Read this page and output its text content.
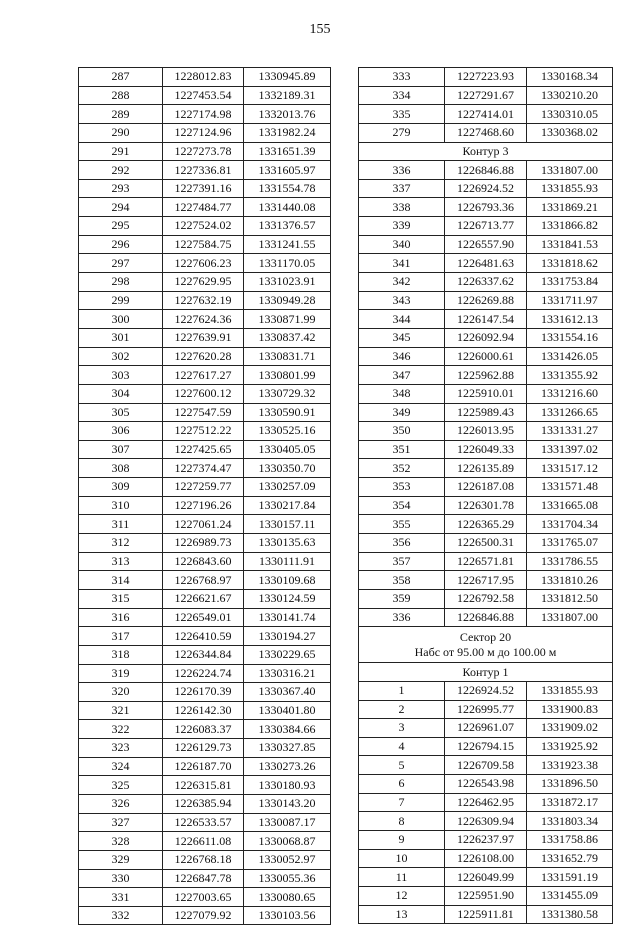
155
287	1228012.83	1330945.89
288	1227453.54	1332189.31
289	1227174.98	1332013.76
290	1227124.96	1331982.24
291	1227273.78	1331651.39
292	1227336.81	1331605.97
293	1227391.16	1331554.78
294	1227484.77	1331440.08
295	1227524.02	1331376.57
296	1227584.75	1331241.55
297	1227606.23	1331170.05
298	1227629.95	1331023.91
299	1227632.19	1330949.28
300	1227624.36	1330871.99
301	1227639.91	1330837.42
302	1227620.28	1330831.71
303	1227617.27	1330801.99
304	1227600.12	1330729.32
305	1227547.59	1330590.91
306	1227512.22	1330525.16
307	1227425.65	1330405.05
308	1227374.47	1330350.70
309	1227259.77	1330257.09
310	1227196.26	1330217.84
311	1227061.24	1330157.11
312	1226989.73	1330135.63
313	1226843.60	1330111.91
314	1226768.97	1330109.68
315	1226621.67	1330124.59
316	1226549.01	1330141.74
317	1226410.59	1330194.27
318	1226344.84	1330229.65
319	1226224.74	1330316.21
320	1226170.39	1330367.40
321	1226142.30	1330401.80
322	1226083.37	1330384.66
323	1226129.73	1330327.85
324	1226187.70	1330273.26
325	1226315.81	1330180.93
326	1226385.94	1330143.20
327	1226533.57	1330087.17
328	1226611.08	1330068.87
329	1226768.18	1330052.97
330	1226847.78	1330055.36
331	1227003.65	1330080.65
332	1227079.92	1330103.56
333	1227223.93	1330168.34
334	1227291.67	1330210.20
335	1227414.01	1330310.05
279	1227468.60	1330368.02

Контур 3		

336	1226846.88	1331807.00
337	1226924.52	1331855.93
338	1226793.36	1331869.21
339	1226713.77	1331866.82
340	1226557.90	1331841.53
341	1226481.63	1331818.62
342	1226337.62	1331753.84
343	1226269.88	1331711.97
344	1226147.54	1331612.13
345	1226092.94	1331554.16
346	1226000.61	1331426.05
347	1225962.88	1331355.92
348	1225910.01	1331216.60
349	1225989.43	1331266.65
350	1226013.95	1331331.27
351	1226049.33	1331397.02
352	1226135.89	1331517.12
353	1226187.08	1331571.48
354	1226301.78	1331665.08
355	1226365.29	1331704.34
356	1226500.31	1331765.07
357	1226571.81	1331786.55
358	1226717.95	1331810.26
359	1226792.58	1331812.50
336	1226846.88	1331807.00

Сектор 20
Набс от 95.00 м до 100.00 м		

Контур 1		

1	1226924.52	1331855.93
2	1226995.77	1331900.83
3	1226961.07	1331909.02
4	1226794.15	1331925.92
5	1226709.58	1331923.38
6	1226543.98	1331896.50
7	1226462.95	1331872.17
8	1226309.94	1331803.34
9	1226237.97	1331758.86
10	1226108.00	1331652.79
11	1226049.99	1331591.19
12	1225951.90	1331455.09
13	1225911.81	1331380.58
